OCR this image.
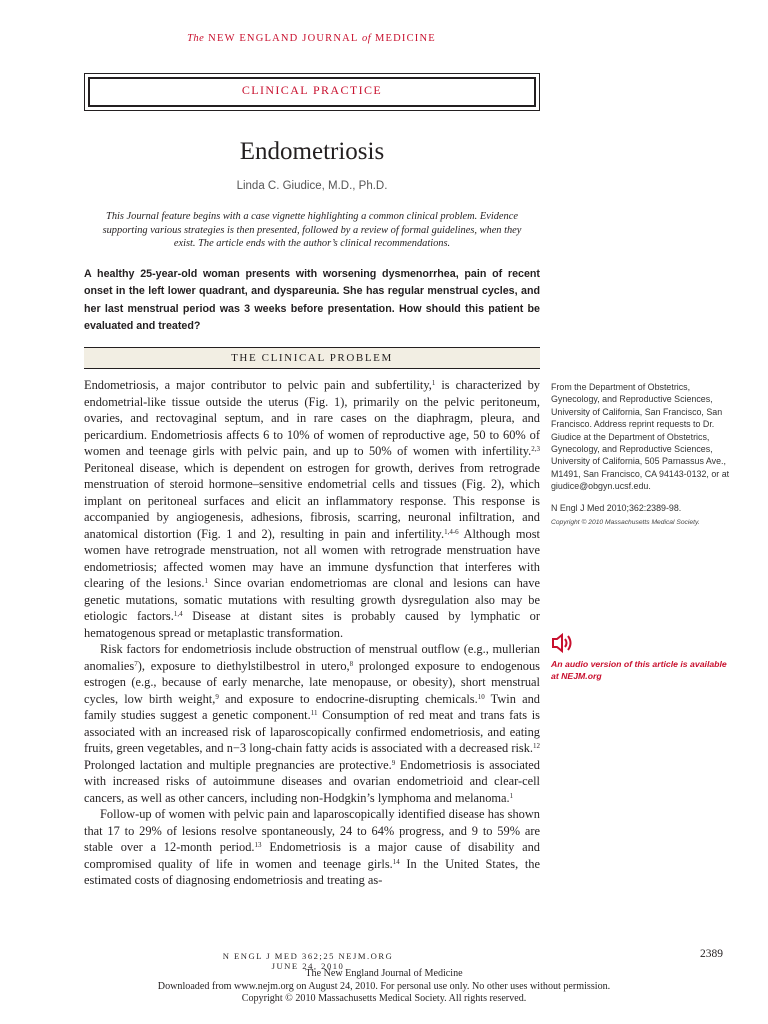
The NEW ENGLAND JOURNAL of MEDICINE
CLINICAL PRACTICE
Endometriosis
Linda C. Giudice, M.D., Ph.D.
This Journal feature begins with a case vignette highlighting a common clinical problem. Evidence supporting various strategies is then presented, followed by a review of formal guidelines, when they exist. The article ends with the author’s clinical recommendations.
A healthy 25-year-old woman presents with worsening dysmenorrhea, pain of recent onset in the left lower quadrant, and dyspareunia. She has regular menstrual cycles, and her last menstrual period was 3 weeks before presentation. How should this patient be evaluated and treated?
THE CLINICAL PROBLEM

Endometriosis, a major contributor to pelvic pain and subfertility,$^1$ is characterized by endometrial-like tissue outside the uterus (Fig. 1), primarily on the pelvic peritoneum, ovaries, and rectovaginal septum, and in rare cases on the diaphragm, pleura, and pericardium. Endometriosis affects 6 to 10% of women of reproductive age, 50 to 60% of women and teenage girls with pelvic pain, and up to 50% of women with infertility.$^{2,3}$ Peritoneal disease, which is dependent on estrogen for growth, derives from retrograde menstruation of steroid hormone–sensitive endometrial cells and tissues (Fig. 2), which implant on peritoneal surfaces and elicit an inflammatory response. This response is accompanied by angiogenesis, adhesions, fibrosis, scarring, neuronal infiltration, and anatomical distortion (Fig. 1 and 2), resulting in pain and infertility.$^{1,4-6}$ Although most women have retrograde menstruation, not all women with retrograde menstruation have endometriosis; affected women may have an immune dysfunction that interferes with clearing of the lesions.$^1$ Since ovarian endometriomas are clonal and lesions can have genetic mutations, somatic mutations with resulting growth dysregulation also may be etiologic factors.$^{1,4}$ Disease at distant sites is probably caused by lymphatic or hematogenous spread or metaplastic transformation.

Risk factors for endometriosis include obstruction of menstrual outflow (e.g., mullerian anomalies$^7$), exposure to diethylstilbestrol in utero,$^8$ prolonged exposure to endogenous estrogen (e.g., because of early menarche, late menopause, or obesity), short menstrual cycles, low birth weight,$^9$ and exposure to endocrine-disrupting chemicals.$^{10}$ Twin and family studies suggest a genetic component.$^{11}$ Consumption of red meat and trans fats is associated with an increased risk of laparoscopically confirmed endometriosis, and eating fruits, green vegetables, and n−3 long-chain fatty acids is associated with a decreased risk.$^{12}$ Prolonged lactation and multiple pregnancies are protective.$^9$ Endometriosis is associated with increased risks of autoimmune diseases and ovarian endometrioid and clear-cell cancers, as well as other cancers, including non-Hodgkin’s lymphoma and melanoma.$^1$

Follow-up of women with pelvic pain and laparoscopically identified disease has shown that 17 to 29% of lesions resolve spontaneously, 24 to 64% progress, and 9 to 59% are stable over a 12-month period.$^{13}$ Endometriosis is a major cause of disability and compromised quality of life in women and teenage girls.$^{14}$ In the United States, the estimated costs of diagnosing endometriosis and treating as-

From the Department of Obstetrics, Gynecology, and Reproductive Sciences, University of California, San Francisco, San Francisco. Address reprint requests to Dr. Giudice at the Department of Obstetrics, Gynecology, and Reproductive Sciences, University of California, 505 Parnassus Ave., M1491, San Francisco, CA 94143-0132, or at giudice@obgyn.ucsf.edu.
N Engl J Med 2010;362:2389-98.
Copyright © 2010 Massachusetts Medical Society.
An audio version of this article is available at NEJM.org
N ENGL J MED 362;25 NEJM.ORG JUNE 24, 2010
2389
The New England Journal of Medicine
Downloaded from www.nejm.org on August 24, 2010. For personal use only. No other uses without permission.
Copyright © 2010 Massachusetts Medical Society. All rights reserved.
